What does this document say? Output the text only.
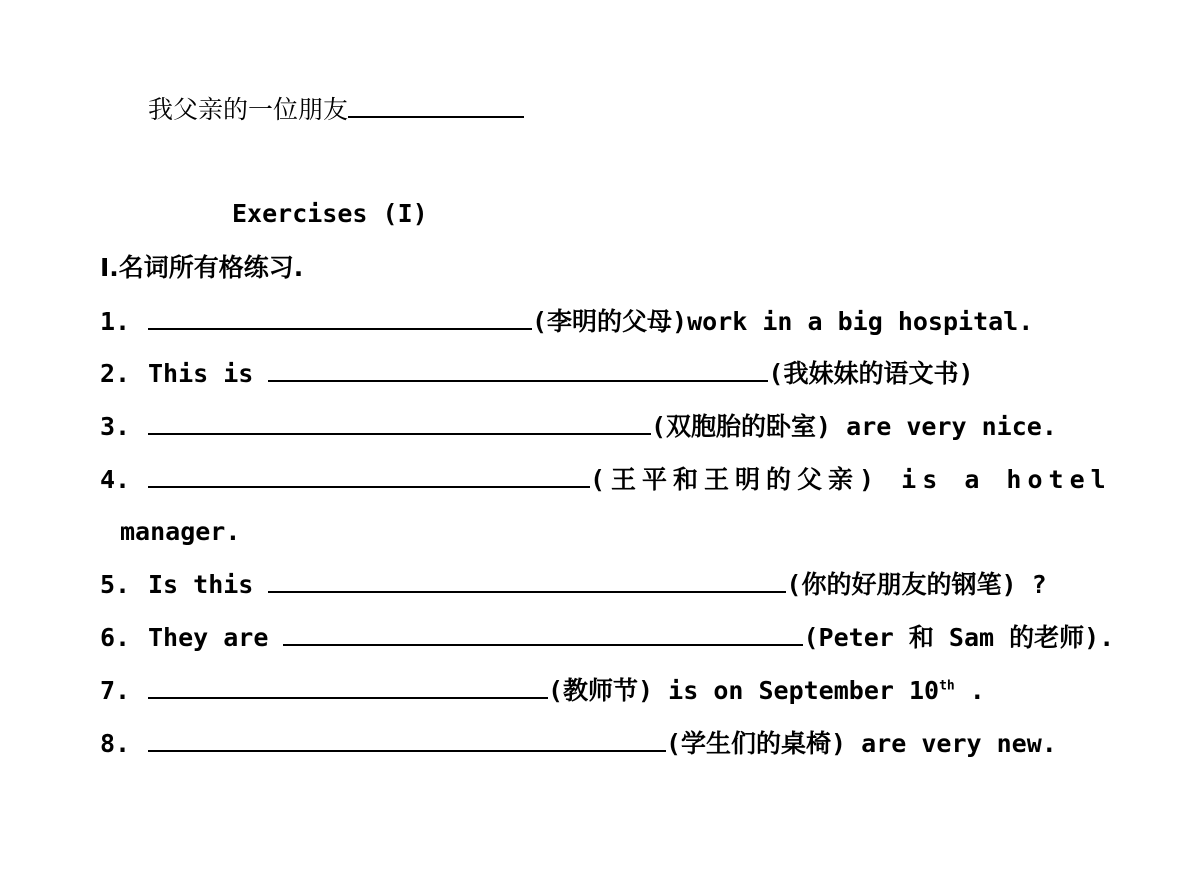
我父亲的一位朋友
Exercises (I)
I.名词所有格练习.
1.	(李明的父母)work in a big hospital.
2. This is	(我妹妹的语文书)
3.	(双胞胎的卧室) are very nice.
4.	(王平和王明的父亲) is a hotel
manager.
5. Is this	(你的好朋友的钢笔) ?
6. They are	(Peter 和 Sam 的老师).
7.	(教师节) is on September 10th .
8.	(学生们的桌椅) are very new.
